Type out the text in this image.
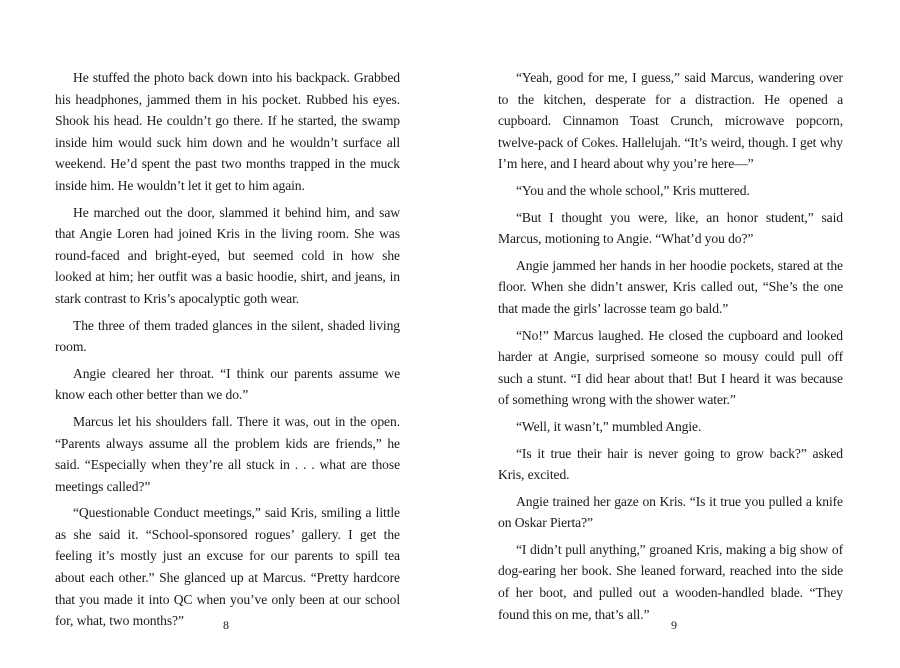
He stuffed the photo back down into his backpack. Grabbed his headphones, jammed them in his pocket. Rubbed his eyes. Shook his head. He couldn’t go there. If he started, the swamp inside him would suck him down and he wouldn’t surface all weekend. He’d spent the past two months trapped in the muck inside him. He wouldn’t let it get to him again.

He marched out the door, slammed it behind him, and saw that Angie Loren had joined Kris in the living room. She was round-faced and bright-eyed, but seemed cold in how she looked at him; her outfit was a basic hoodie, shirt, and jeans, in stark contrast to Kris’s apocalyptic goth wear.

The three of them traded glances in the silent, shaded living room.

Angie cleared her throat. “I think our parents assume we know each other better than we do.”

Marcus let his shoulders fall. There it was, out in the open. “Parents always assume all the problem kids are friends,” he said. “Especially when they’re all stuck in . . . what are those meetings called?”

“Questionable Conduct meetings,” said Kris, smiling a little as she said it. “School-sponsored rogues’ gallery. I get the feeling it’s mostly just an excuse for our parents to spill tea about each other.” She glanced up at Marcus. “Pretty hardcore that you made it into QC when you’ve only been at our school for, what, two months?”	8

“Yeah, good for me, I guess,” said Marcus, wandering over to the kitchen, desperate for a distraction. He opened a cupboard. Cinnamon Toast Crunch, microwave popcorn, twelve-pack of Cokes. Hallelujah. “It’s weird, though. I get why I’m here, and I heard about why you’re here—”

“You and the whole school,” Kris muttered.

“But I thought you were, like, an honor student,” said Marcus, motioning to Angie. “What’d you do?”

Angie jammed her hands in her hoodie pockets, stared at the floor. When she didn’t answer, Kris called out, “She’s the one that made the girls’ lacrosse team go bald.”

“No!” Marcus laughed. He closed the cupboard and looked harder at Angie, surprised someone so mousy could pull off such a stunt. “I did hear about that! But I heard it was because of something wrong with the shower water.”

“Well, it wasn’t,” mumbled Angie.

“Is it true their hair is never going to grow back?” asked Kris, excited.

Angie trained her gaze on Kris. “Is it true you pulled a knife on Oskar Pierta?”

“I didn’t pull anything,” groaned Kris, making a big show of dog-earing her book. She leaned forward, reached into the side of her boot, and pulled out a wooden-handled blade. “They found this on me, that’s all.”

9
